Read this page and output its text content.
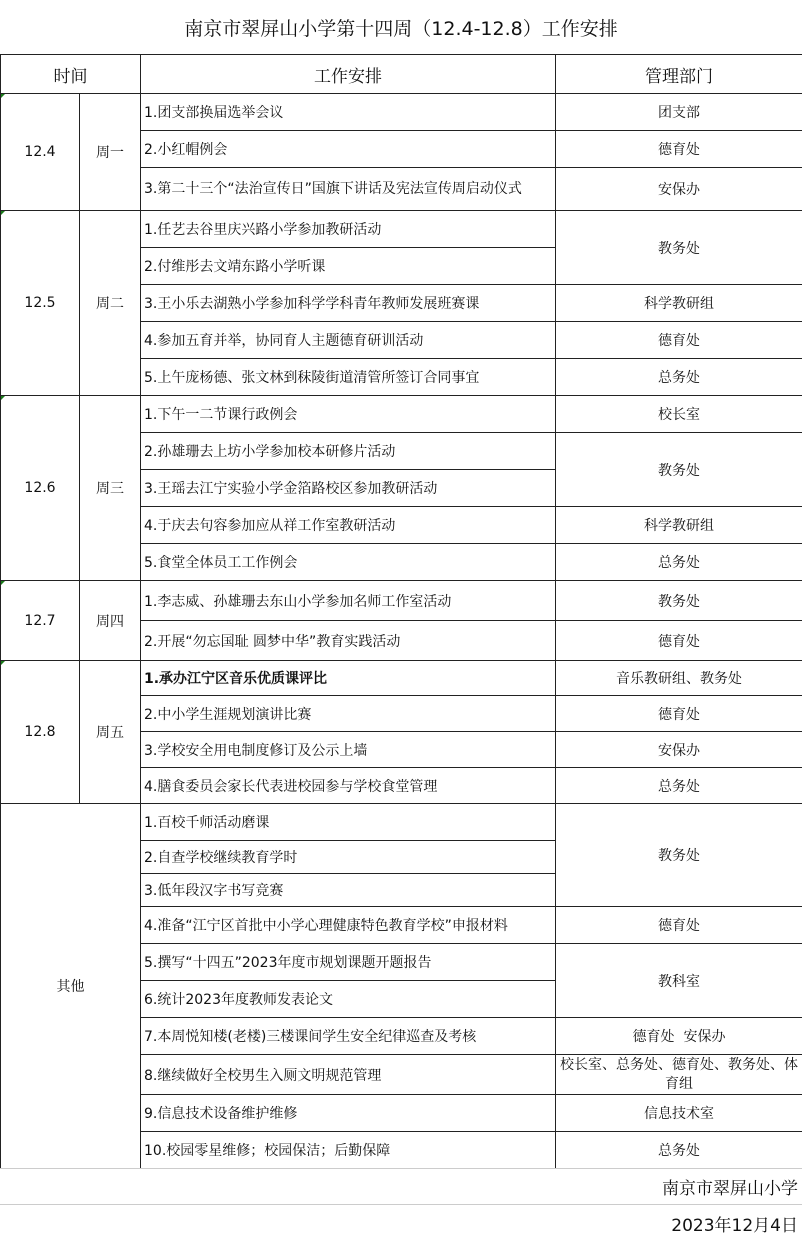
南京市翠屏山小学第十四周（12.4-12.8）工作安排
时间		工作安排	管理部门
12.4	周一	1.团支部换届选举会议	团支部
		2.小红帽例会	德育处
		3.第二十三个“法治宣传日”国旗下讲话及宪法宣传周启动仪式	安保办
12.5	周二	1.任艺去谷里庆兴路小学参加教研活动	教务处
		2.付维彤去文靖东路小学听课	
		3.王小乐去湖熟小学参加科学学科青年教师发展班赛课	科学教研组
		4.参加五育并举，协同育人主题德育研训活动	德育处
		5.上午庞杨德、张文林到秣陵街道清管所签订合同事宜	总务处
12.6	周三	1.下午一二节课行政例会	校长室
		2.孙雄珊去上坊小学参加校本研修片活动	教务处
		3.王瑶去江宁实验小学金箔路校区参加教研活动	
		4.于庆去句容参加应从祥工作室教研活动	科学教研组
		5.食堂全体员工工作例会	总务处
12.7	周四	1.李志威、孙雄珊去东山小学参加名师工作室活动	教务处
		2.开展“勿忘国耻 圆梦中华”教育实践活动	德育处
12.8	周五	1.承办江宁区音乐优质课评比	音乐教研组、教务处
		2.中小学生涯规划演讲比赛	德育处
		3.学校安全用电制度修订及公示上墙	安保办
		4.膳食委员会家长代表进校园参与学校食堂管理	总务处
其他		1.百校千师活动磨课	教务处
		2.自查学校继续教育学时	
		3.低年段汉字书写竞赛	
		4.准备“江宁区首批中小学心理健康特色教育学校”申报材料	德育处
		5.撰写“十四五”2023年度市规划课题开题报告	教科室
		6.统计2023年度教师发表论文	
		7.本周悦知楼(老楼)三楼课间学生安全纪律巡查及考核	德育处  安保办
		8.继续做好全校男生入厕文明规范管理	校长室、总务处、德育处、教务处、体育组
		9.信息技术设备维护维修	信息技术室
		10.校园零星维修；校园保洁；后勤保障	总务处
南京市翠屏山小学
2023年12月4日
